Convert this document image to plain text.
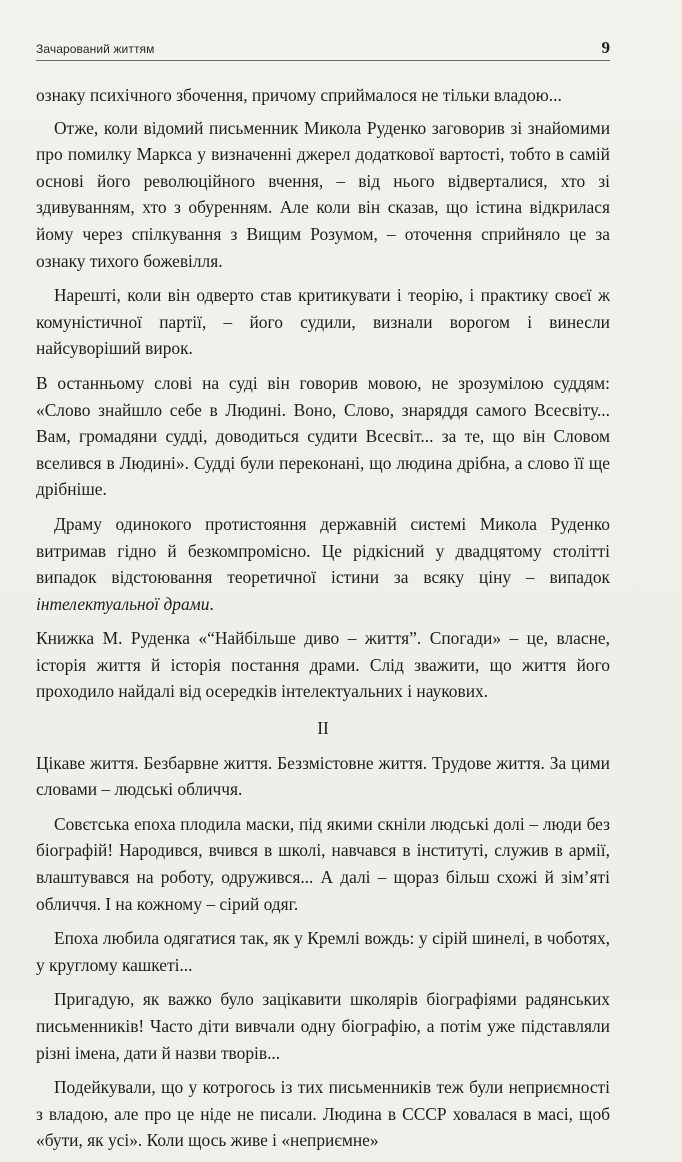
Зачарований життям	9

ознаку психічного збочення, причому сприймалося не тільки владою...

Отже, коли відомий письменник Микола Руденко заговорив зі знайомими про помилку Маркса у визначенні джерел додаткової вартості, тобто в самій основі його революційного вчення, – від нього відверталися, хто зі здивуванням, хто з обуренням. Але коли він сказав, що істина відкрилася йому через спілкування з Вищим Розумом, – оточення сприйняло це за ознаку тихого божевілля.

Нарешті, коли він одверто став критикувати і теорію, і практику своєї ж комуністичної партії, – його судили, визнали ворогом і винесли найсуворіший вирок.

В останньому слові на суді він говорив мовою, не зрозумілою суддям: «Слово знайшло себе в Людині. Воно, Слово, знаряддя самого Всесвіту... Вам, громадяни судді, доводиться судити Всесвіт... за те, що він Словом вселився в Людині». Судді були переконані, що людина дрібна, а слово її ще дрібніше.

Драму одинокого протистояння державній системі Микола Руденко витримав гідно й безкомпромісно. Це рідкісний у двадцятому столітті випадок відстоювання теоретичної істини за всяку ціну – випадок інтелектуальної драми.

Книжка М. Руденка «“Найбільше диво – життя”. Спогади» – це, власне, історія життя й історія постання драми. Слід зважити, що життя його проходило найдалі від осередків інтелектуальних і наукових.

II

Цікаве життя. Безбарвне життя. Беззмістовне життя. Трудове життя. За цими словами – людські обличчя.

Совєтська епоха плодила маски, під якими скніли людські долі – люди без біографій! Народився, вчився в школі, навчався в інституті, служив в армії, влаштувався на роботу, одружився... А далі – щораз більш схожі й зім’яті обличчя. І на кожному – сірий одяг.

Епоха любила одягатися так, як у Кремлі вождь: у сірій шинелі, в чоботях, у круглому кашкеті...

Пригадую, як важко було зацікавити школярів біографіями радянських письменників! Часто діти вивчали одну біографію, а потім уже підставляли різні імена, дати й назви творів...

Подейкували, що у котрогось із тих письменників теж були неприємності з владою, але про це ніде не писали. Людина в СССР ховалася в масі, щоб «бути, як усі». Коли щось живе і «неприємне»
